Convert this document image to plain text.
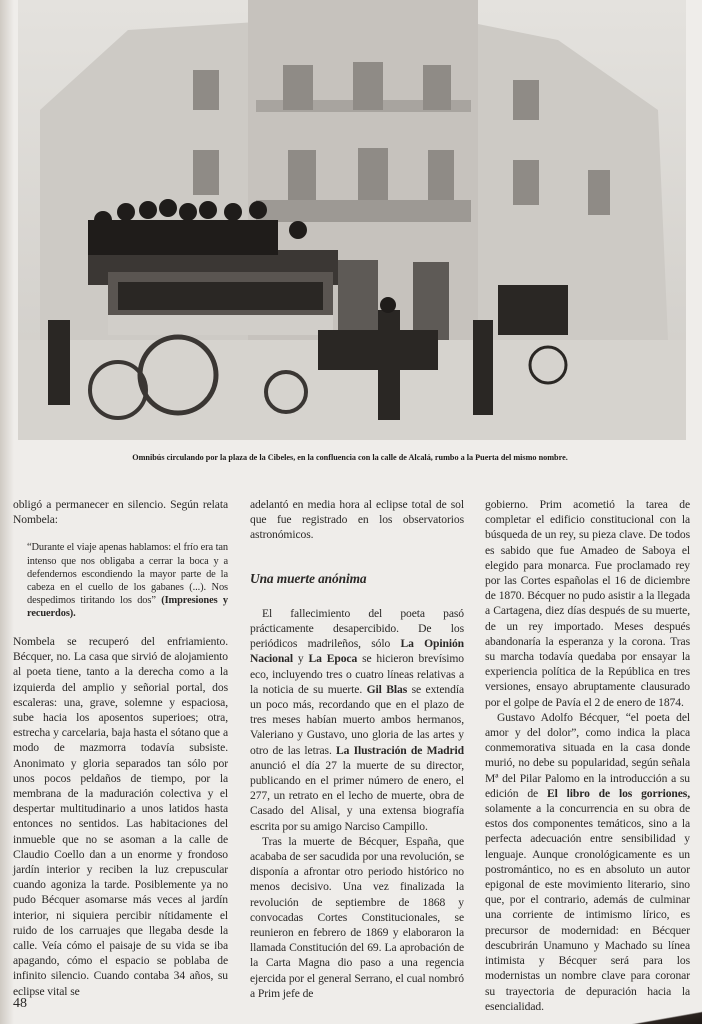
Omnibús circulando por la plaza de la Cibeles, en la confluencia con la calle de Alcalá, rumbo a la Puerta del mismo nombre.

obligó a permanecer en silencio. Según relata Nombela:

“Durante el viaje apenas hablamos: el frío era tan intenso que nos obligaba a cerrar la boca y a defendernos escondiendo la mayor parte de la cabeza en el cuello de los gabanes (...). Nos despedimos tiritando los dos” (Impresiones y recuerdos).

Nombela se recuperó del enfriamiento. Bécquer, no. La casa que sirvió de alojamiento al poeta tiene, tanto a la derecha como a la izquierda del amplio y señorial portal, dos escaleras: una, grave, solemne y espaciosa, sube hacia los aposentos superioes; otra, estrecha y carcelaria, baja hasta el sótano que a modo de mazmorra todavía subsiste. Anonimato y gloria separados tan sólo por unos pocos peldaños de tiempo, por la membrana de la maduración colectiva y el despertar multitudinario a unos latidos hasta entonces no sentidos. Las habitaciones del inmueble que no se asoman a la calle de Claudio Coello dan a un enorme y frondoso jardín interior y reciben la luz crepuscular cuando agoniza la tarde. Posiblemente ya no pudo Bécquer asomarse más veces al jardín interior, ni siquiera percibir nítidamente el ruido de los carruajes que llegaba desde la calle. Veía cómo el paisaje de su vida se iba apagando, cómo el espacio se poblaba de infinito silencio. Cuando contaba 34 años, su eclipse vital se

adelantó en media hora al eclipse total de sol que fue registrado en los observatorios astronómicos.

Una muerte anónima

El fallecimiento del poeta pasó prácticamente desapercibido. De los periódicos madrileños, sólo La Opinión Nacional y La Epoca se hicieron brevísimo eco, incluyendo tres o cuatro líneas relativas a la noticia de su muerte. Gil Blas se extendía un poco más, recordando que en el plazo de tres meses habían muerto ambos hermanos, Valeriano y Gustavo, uno gloria de las artes y otro de las letras. La Ilustración de Madrid anunció el día 27 la muerte de su director, publicando en el primer número de enero, el 277, un retrato en el lecho de muerte, obra de Casado del Alisal, y una extensa biografía escrita por su amigo Narciso Campillo.

Tras la muerte de Bécquer, España, que acababa de ser sacudida por una revolución, se disponía a afrontar otro periodo histórico no menos decisivo. Una vez finalizada la revolución de septiembre de 1868 y convocadas Cortes Constitucionales, se reunieron en febrero de 1869 y elaboraron la llamada Constitución del 69. La aprobación de la Carta Magna dio paso a una regencia ejercida por el general Serrano, el cual nombró a Prim jefe de

gobierno. Prim acometió la tarea de completar el edificio constitucional con la búsqueda de un rey, su pieza clave. De todos es sabido que fue Amadeo de Saboya el elegido para monarca. Fue proclamado rey por las Cortes españolas el 16 de diciembre de 1870. Bécquer no pudo asistir a la llegada a Cartagena, diez días después de su muerte, de un rey importado. Meses después abandonaría la esperanza y la corona. Tras su marcha todavía quedaba por ensayar la experiencia política de la República en tres versiones, ensayo abruptamente clausurado por el golpe de Pavía el 2 de enero de 1874.

Gustavo Adolfo Bécquer, “el poeta del amor y del dolor”, como indica la placa conmemorativa situada en la casa donde murió, no debe su popularidad, según señala Mª del Pilar Palomo en la introducción a su edición de El libro de los gorriones, solamente a la concurrencia en su obra de estos dos componentes temáticos, sino a la perfecta adecuación entre sensibilidad y lenguaje. Aunque cronológicamente es un postromántico, no es en absoluto un autor epigonal de este movimiento literario, sino que, por el contrario, además de culminar una corriente de intimismo lírico, es precursor de modernidad: en Bécquer descubrirán Unamuno y Machado su línea intimista y Bécquer será para los modernistas un nombre clave para coronar su trayectoria de depuración hacia la esencialidad.

48
